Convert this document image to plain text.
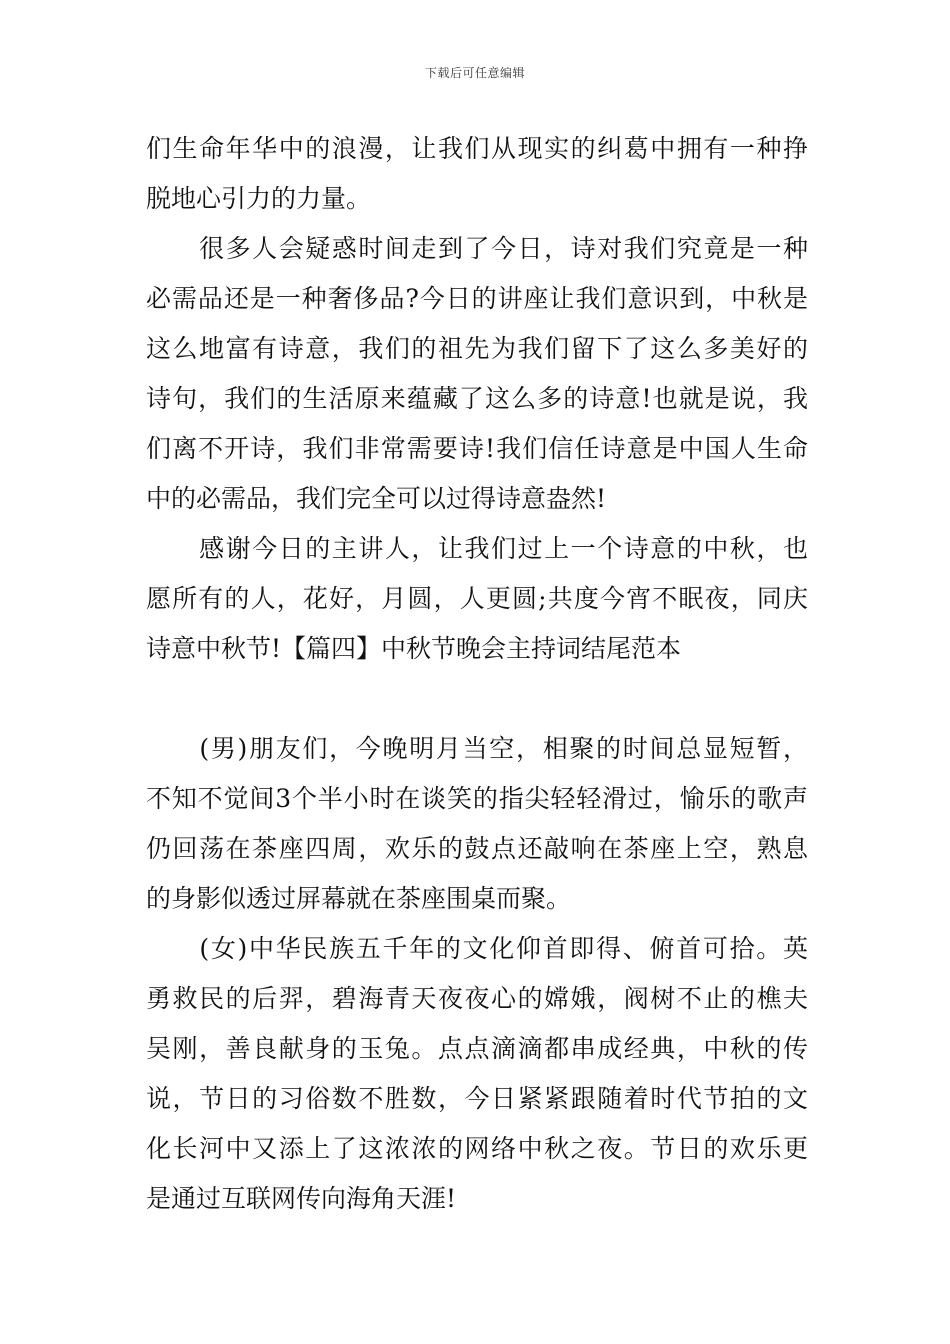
下载后可任意编辑
们生命年华中的浪漫，让我们从现实的纠葛中拥有一种挣
脱地心引力的力量。
　　很多人会疑惑时间走到了今日，诗对我们究竟是一种
必需品还是一种奢侈品?今日的讲座让我们意识到，中秋是
这么地富有诗意，我们的祖先为我们留下了这么多美好的
诗句，我们的生活原来蕴藏了这么多的诗意!也就是说，我
们离不开诗，我们非常需要诗!我们信任诗意是中国人生命
中的必需品，我们完全可以过得诗意盎然!
　　感谢今日的主讲人，让我们过上一个诗意的中秋，也
愿所有的人，花好，月圆，人更圆;共度今宵不眠夜，同庆
诗意中秋节!【篇四】中秋节晚会主持词结尾范本
　　(男)朋友们，今晚明月当空，相聚的时间总显短暂，
不知不觉间3个半小时在谈笑的指尖轻轻滑过，愉乐的歌声
仍回荡在茶座四周，欢乐的鼓点还敲响在茶座上空，熟息
的身影似透过屏幕就在茶座围桌而聚。
　　(女)中华民族五千年的文化仰首即得、俯首可拾。英
勇救民的后羿，碧海青天夜夜心的嫦娥，阀树不止的樵夫
吴刚，善良献身的玉兔。点点滴滴都串成经典，中秋的传
说，节日的习俗数不胜数，今日紧紧跟随着时代节拍的文
化长河中又添上了这浓浓的网络中秋之夜。节日的欢乐更
是通过互联网传向海角天涯!
